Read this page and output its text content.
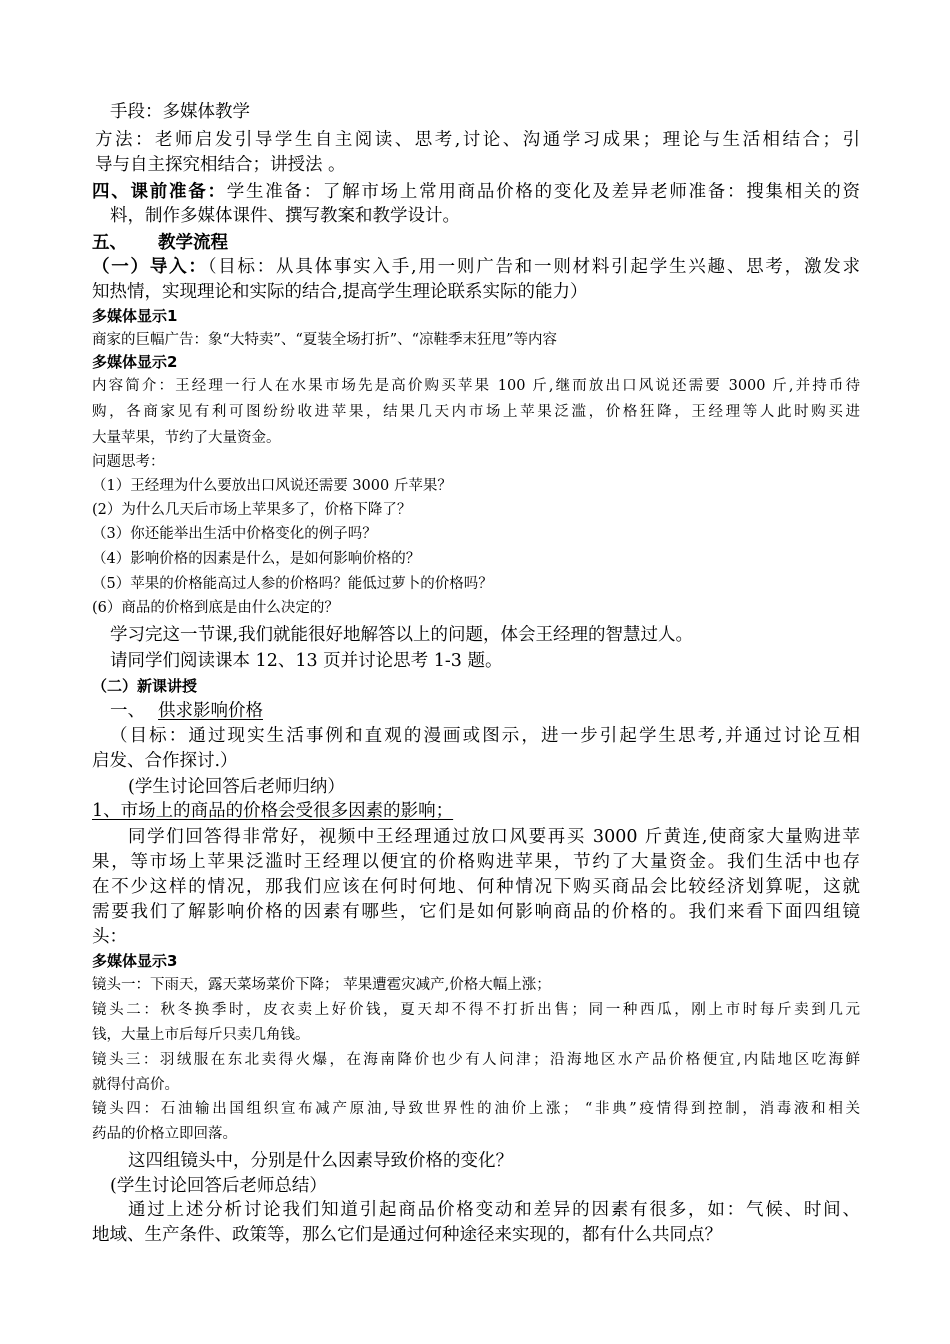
手段：多媒体教学
方法：老师启发引导学生自主阅读、思考,讨论、沟通学习成果；理论与生活相结合；引
导与自主探究相结合；讲授法 。
四、课前准备：学生准备：了解市场上常用商品价格的变化及差异老师准备：搜集相关的资
料，制作多媒体课件、撰写教案和教学设计。
五、 教学流程
（一）导入：（目标：从具体事实入手,用一则广告和一则材料引起学生兴趣、思考，激发求
知热情，实现理论和实际的结合,提高学生理论联系实际的能力）
多媒体显示1
商家的巨幅广告：象“大特卖”、“夏装全场打折”、“凉鞋季末狂甩”等内容
多媒体显示2
内容简介：王经理一行人在水果市场先是高价购买苹果 100 斤,继而放出口风说还需要 3000 斤,并持币待
购，各商家见有利可图纷纷收进苹果，结果几天内市场上苹果泛滥，价格狂降，王经理等人此时购买进
大量苹果，节约了大量资金。
问题思考：
（1）王经理为什么要放出口风说还需要 3000 斤苹果？
(2）为什么几天后市场上苹果多了，价格下降了？
（3）你还能举出生活中价格变化的例子吗？
（4）影响价格的因素是什么，是如何影响价格的？
（5）苹果的价格能高过人参的价格吗？能低过萝卜的价格吗？
(6）商品的价格到底是由什么决定的？
学习完这一节课,我们就能很好地解答以上的问题，体会王经理的智慧过人。
请同学们阅读课本 12、13 页并讨论思考 1-3 题。
（二）新课讲授
一、 供求影响价格
（目标：通过现实生活事例和直观的漫画或图示，进一步引起学生思考,并通过讨论互相
启发、合作探讨.）
(学生讨论回答后老师归纳）
1、市场上的商品的价格会受很多因素的影响；
同学们回答得非常好，视频中王经理通过放口风要再买 3000 斤黄连,使商家大量购进苹
果，等市场上苹果泛滥时王经理以便宜的价格购进苹果，节约了大量资金。我们生活中也存
在不少这样的情况，那我们应该在何时何地、何种情况下购买商品会比较经济划算呢，这就
需要我们了解影响价格的因素有哪些，它们是如何影响商品的价格的。我们来看下面四组镜
头：
多媒体显示3
镜头一：下雨天，露天菜场菜价下降； 苹果遭雹灾减产,价格大幅上涨；
镜头二：秋冬换季时，皮衣卖上好价钱，夏天却不得不打折出售；同一种西瓜，刚上市时每斤卖到几元
钱，大量上市后每斤只卖几角钱。
镜头三：羽绒服在东北卖得火爆，在海南降价也少有人问津；沿海地区水产品价格便宜,内陆地区吃海鲜
就得付高价。
镜头四：石油输出国组织宣布减产原油,导致世界性的油价上涨； “非典”疫情得到控制，消毒液和相关
药品的价格立即回落。
这四组镜头中，分别是什么因素导致价格的变化？
(学生讨论回答后老师总结）
通过上述分析讨论我们知道引起商品价格变动和差异的因素有很多，如：气候、时间、
地域、生产条件、政策等，那么它们是通过何种途径来实现的，都有什么共同点？
